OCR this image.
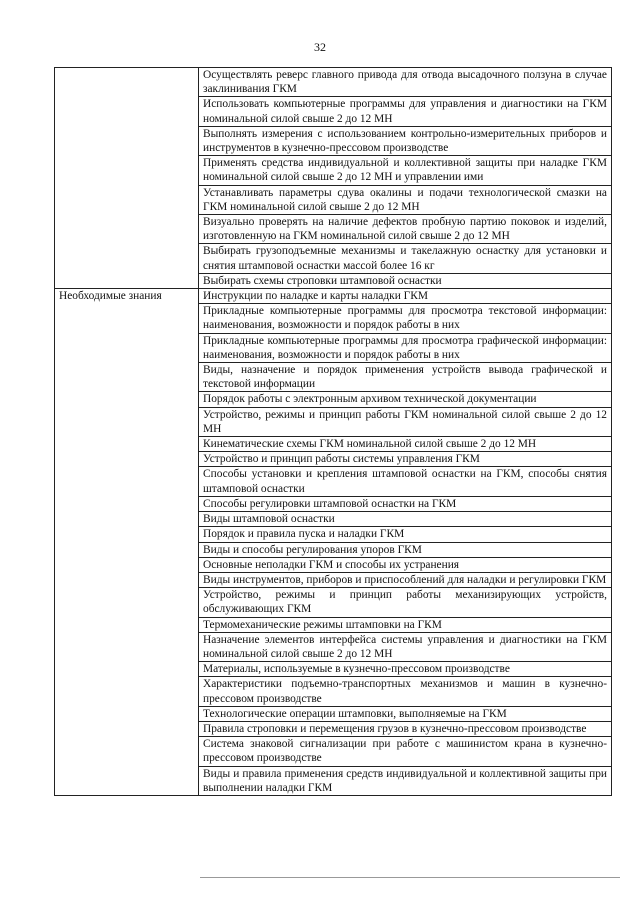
32
	Осуществлять реверс главного привода для отвода высадочного ползуна в случае заклинивания ГКМ
	Использовать компьютерные программы для управления и диагностики на ГКМ номинальной силой свыше 2 до 12 МН
	Выполнять измерения с использованием контрольно-измерительных приборов и инструментов в кузнечно-прессовом производстве
	Применять средства индивидуальной и коллективной защиты при наладке ГКМ номинальной силой свыше 2 до 12 МН и управлении ими
	Устанавливать параметры сдува окалины и подачи технологической смазки на ГКМ номинальной силой свыше 2 до 12 МН
	Визуально проверять на наличие дефектов пробную партию поковок и изделий, изготовленную на ГКМ номинальной силой свыше 2 до 12 МН
	Выбирать грузоподъемные механизмы и такелажную оснастку для установки и снятия штамповой оснастки массой более 16 кг
	Выбирать схемы строповки штамповой оснастки
Необходимые знания	Инструкции по наладке и карты наладки ГКМ
	Прикладные компьютерные программы для просмотра текстовой информации: наименования, возможности и порядок работы в них
	Прикладные компьютерные программы для просмотра графической информации: наименования, возможности и порядок работы в них
	Виды, назначение и порядок применения устройств вывода графической и текстовой информации
	Порядок работы с электронным архивом технической документации
	Устройство, режимы и принцип работы ГКМ номинальной силой свыше 2 до 12 МН
	Кинематические схемы ГКМ номинальной силой свыше 2 до 12 МН
	Устройство и принцип работы системы управления ГКМ
	Способы установки и крепления штамповой оснастки на ГКМ, способы снятия штамповой оснастки
	Способы регулировки штамповой оснастки на ГКМ
	Виды штамповой оснастки
	Порядок и правила пуска и наладки ГКМ
	Виды и способы регулирования упоров ГКМ
	Основные неполадки ГКМ и способы их устранения
	Виды инструментов, приборов и приспособлений для наладки и регулировки ГКМ
	Устройство, режимы и принцип работы механизирующих устройств, обслуживающих ГКМ
	Термомеханические режимы штамповки на ГКМ
	Назначение элементов интерфейса системы управления и диагностики на ГКМ номинальной силой свыше 2 до 12 МН
	Материалы, используемые в кузнечно-прессовом производстве
	Характеристики подъемно-транспортных механизмов и машин в кузнечно-прессовом производстве
	Технологические операции штамповки, выполняемые на ГКМ
	Правила строповки и перемещения грузов в кузнечно-прессовом производстве
	Система знаковой сигнализации при работе с машинистом крана в кузнечно-прессовом производстве
	Виды и правила применения средств индивидуальной и коллективной защиты при выполнении наладки ГКМ
